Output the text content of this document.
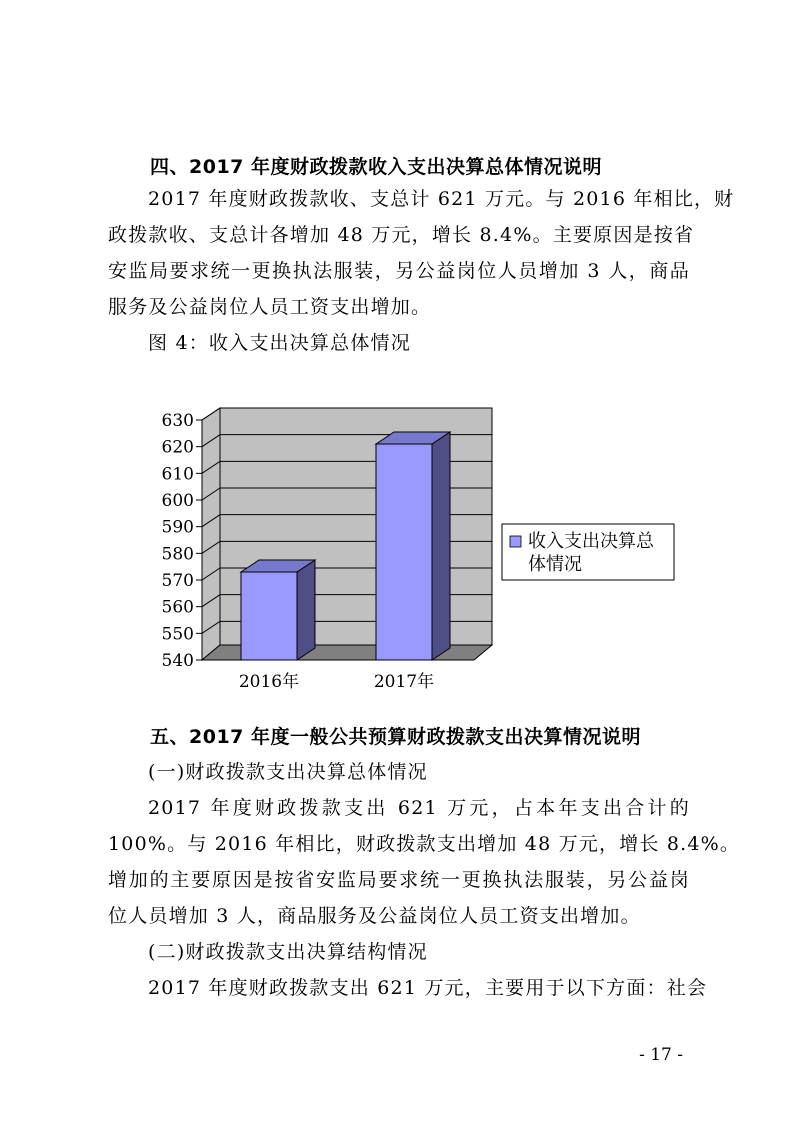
四、2017 年度财政拨款收入支出决算总体情况说明
2017 年度财政拨款收、支总计 621 万元。与 2016 年相比，财
政拨款收、支总计各增加 48 万元，增长 8.4%。主要原因是按省
安监局要求统一更换执法服装，另公益岗位人员增加 3 人，商品
服务及公益岗位人员工资支出增加。
图 4：收入支出决算总体情况
540
550
560
570
580
590
600
610
620
630
2016年	2017年
收入支出决算总
体情况
五、2017 年度一般公共预算财政拨款支出决算情况说明
(一)财政拨款支出决算总体情况
2017 年度财政拨款支出 621 万元，占本年支出合计的
100%。与 2016 年相比，财政拨款支出增加 48 万元，增长 8.4%。
增加的主要原因是按省安监局要求统一更换执法服装，另公益岗
位人员增加 3 人，商品服务及公益岗位人员工资支出增加。
(二)财政拨款支出决算结构情况
2017 年度财政拨款支出 621 万元，主要用于以下方面：社会
- 17 -
